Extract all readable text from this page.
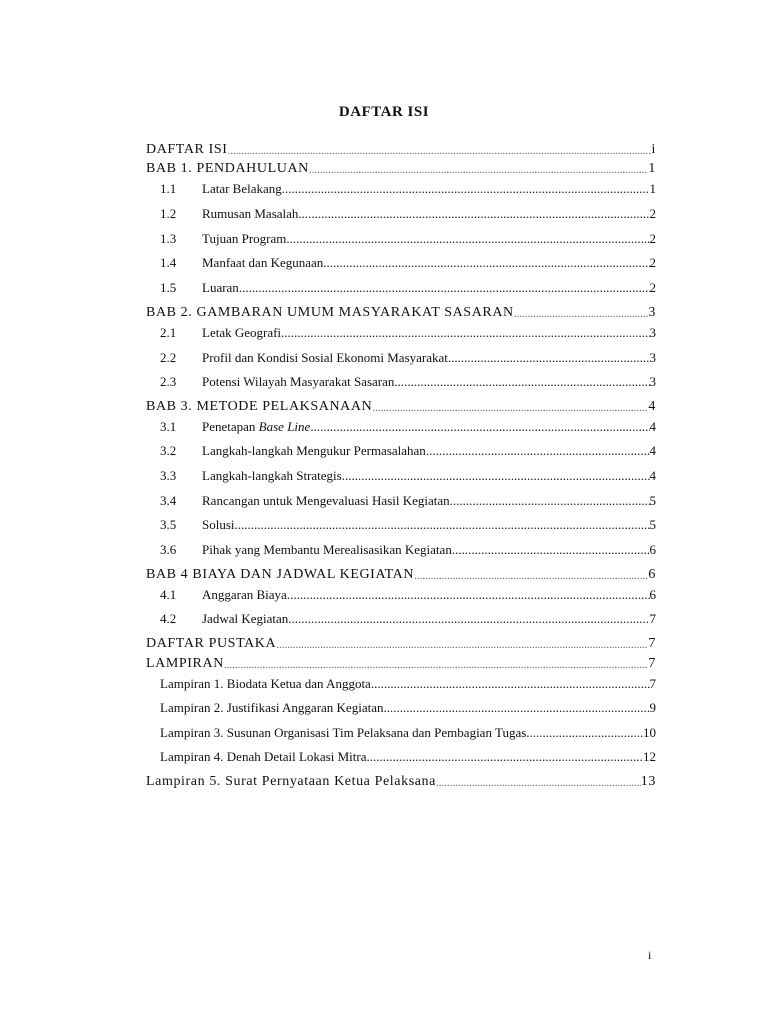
DAFTAR ISI
DAFTAR ISI .....	i
BAB 1. PENDAHULUAN .....	1
1.1	Latar Belakang .....	1
1.2	Rumusan Masalah .....	2
1.3	Tujuan Program .....	2
1.4	Manfaat dan Kegunaan .....	2
1.5	Luaran .....	2
BAB 2. GAMBARAN UMUM MASYARAKAT SASARAN .....	3
2.1	Letak Geografi .....	3
2.2	Profil dan Kondisi Sosial Ekonomi Masyarakat .....	3
2.3	Potensi Wilayah Masyarakat Sasaran .....	3
BAB 3. METODE PELAKSANAAN .....	4
3.1	Penetapan Base Line .....	4
3.2	Langkah-langkah Mengukur Permasalahan .....	4
3.3	Langkah-langkah Strategis .....	4
3.4	Rancangan untuk Mengevaluasi Hasil Kegiatan .....	5
3.5	Solusi .....	5
3.6	Pihak yang Membantu Merealisasikan Kegiatan .....	6
BAB 4 BIAYA DAN JADWAL KEGIATAN .....	6
4.1	Anggaran Biaya .....	6
4.2	Jadwal Kegiatan .....	7
DAFTAR PUSTAKA .....	7
LAMPIRAN .....	7
Lampiran 1. Biodata Ketua dan Anggota .....	7
Lampiran 2. Justifikasi Anggaran Kegiatan .....	9
Lampiran 3. Susunan Organisasi Tim Pelaksana dan Pembagian Tugas .....	10
Lampiran 4. Denah Detail Lokasi Mitra .....	12
Lampiran 5. Surat Pernyataan Ketua Pelaksana .....	13
i
